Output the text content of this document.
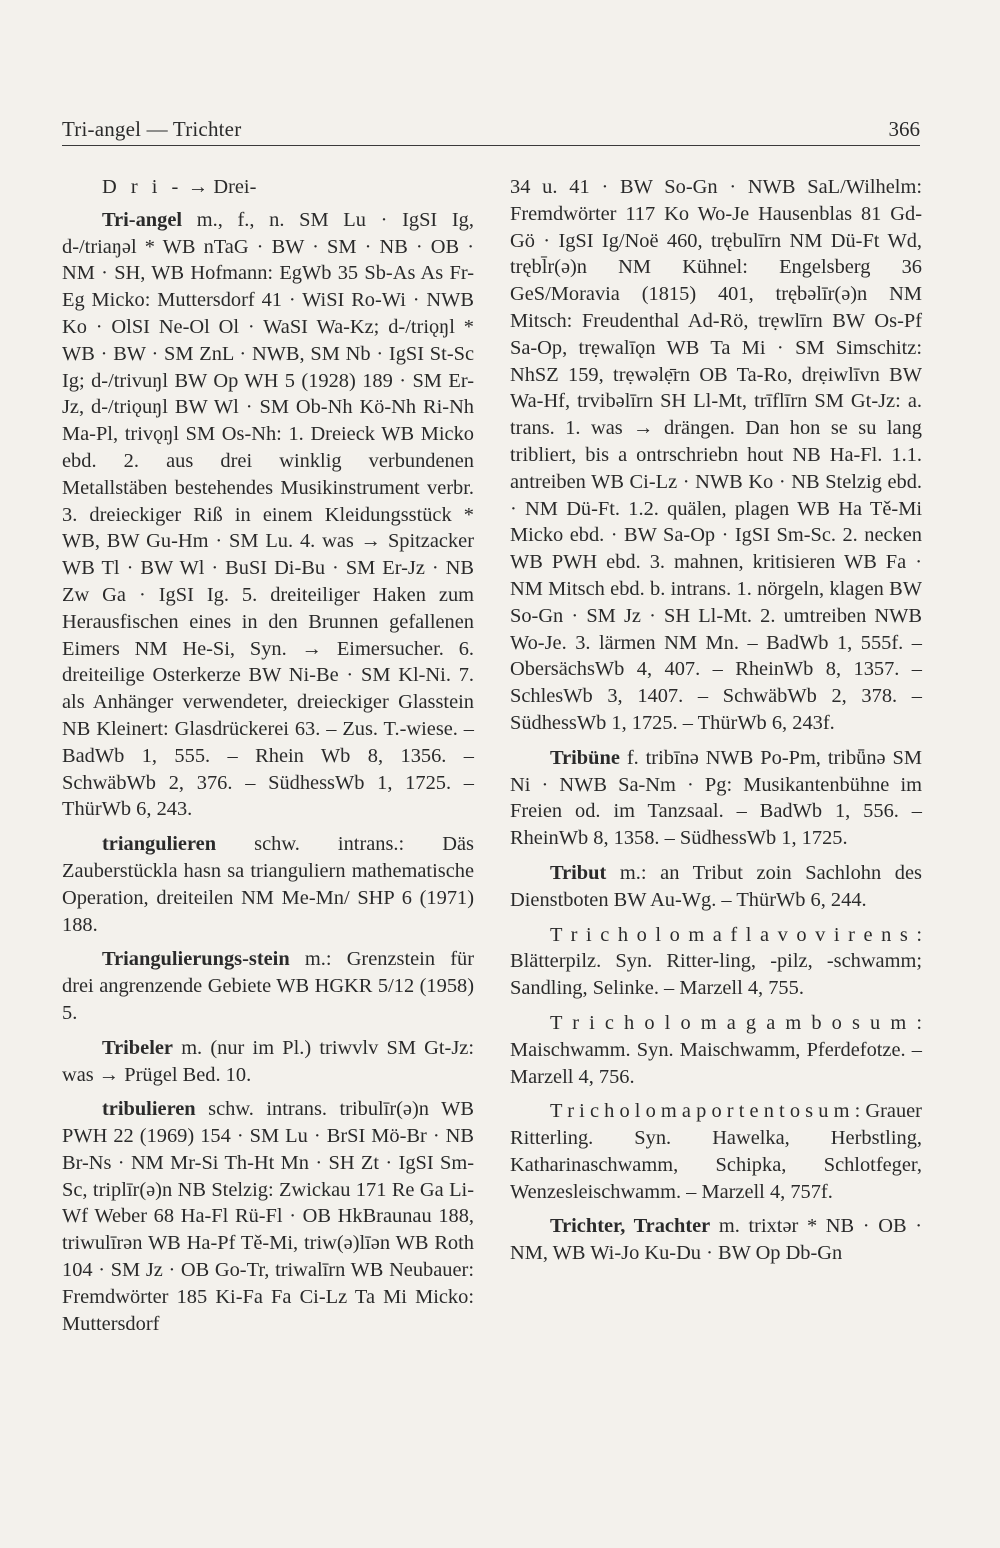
Tri-angel — Trichter	366

D r i - → Drei-

Tri-angel m., f., n. SM Lu · IgSI Ig, d-/triaŋəl * WB nTaG · BW · SM · NB · OB · NM · SH, WB Hofmann: EgWb 35 Sb-As As Fr-Eg Micko: Muttersdorf 41 · WiSI Ro-Wi · NWB Ko · OlSI Ne-Ol Ol · WaSI Wa-Kz; d-/triǫŋl * WB · BW · SM ZnL · NWB, SM Nb · IgSI St-Sc Ig; d-/trivuŋl BW Op WH 5 (1928) 189 · SM Er-Jz, d-/triǫuŋl BW Wl · SM Ob-Nh Kö-Nh Ri-Nh Ma-Pl, trivǫŋl SM Os-Nh: 1. Dreieck WB Micko ebd. 2. aus drei winklig verbundenen Metallstäben bestehendes Musikinstrument verbr. 3. dreieckiger Riß in einem Kleidungsstück * WB, BW Gu-Hm · SM Lu. 4. was → Spitzacker WB Tl · BW Wl · BuSI Di-Bu · SM Er-Jz · NB Zw Ga · IgSI Ig. 5. dreiteiliger Haken zum Herausfischen eines in den Brunnen gefallenen Eimers NM He-Si, Syn. → Eimersucher. 6. dreiteilige Osterkerze BW Ni-Be · SM Kl-Ni. 7. als Anhänger verwendeter, dreieckiger Glasstein NB Kleinert: Glasdrückerei 63. – Zus. T.-wiese. – BadWb 1, 555. – Rhein Wb 8, 1356. – SchwäbWb 2, 376. – SüdhessWb 1, 1725. – ThürWb 6, 243.

triangulieren schw. intrans.: Däs Zauberstückla hasn sa trianguliern mathematische Operation, dreiteilen NM Me-Mn/ SHP 6 (1971) 188.

Triangulierungs-stein m.: Grenzstein für drei angrenzende Gebiete WB HGKR 5/12 (1958) 5.

Tribeler m. (nur im Pl.) triwvlv SM Gt-Jz: was → Prügel Bed. 10.

tribulieren schw. intrans. tribulīr(ə)n WB PWH 22 (1969) 154 · SM Lu · BrSI Mö-Br · NB Br-Ns · NM Mr-Si Th-Ht Mn · SH Zt · IgSI Sm-Sc, triplīr(ə)n NB Stelzig: Zwickau 171 Re Ga Li-Wf Weber 68 Ha-Fl Rü-Fl · OB HkBraunau 188, triwulīrən WB Ha-Pf Tě-Mi, triw(ə)līən WB Roth 104 · SM Jz · OB Go-Tr, triwalīrn WB Neubauer: Fremdwörter 185 Ki-Fa Fa Ci-Lz Ta Mi Micko: Muttersdorf

34 u. 41 · BW So-Gn · NWB SaL/Wilhelm: Fremdwörter 117 Ko Wo-Je Hausenblas 81 Gd-Gö · IgSI Ig/Noë 460, trębulīrn NM Dü-Ft Wd, trębl̄r(ə)n NM Kühnel: Engelsberg 36 GeS/Moravia (1815) 401, trębəlīr(ə)n NM Mitsch: Freudenthal Ad-Rö, trẹwlīrn BW Os-Pf Sa-Op, trẹwalīǫn WB Ta Mi · SM Simschitz: NhSZ 159, trẹwəlẹ̄rn OB Ta-Ro, drẹiwlīvn BW Wa-Hf, trvibəlīrn SH Ll-Mt, trīflīrn SM Gt-Jz: a. trans. 1. was → drängen. Dan hon se su lang tribliert, bis a ontrschriebn hout NB Ha-Fl. 1.1. antreiben WB Ci-Lz · NWB Ko · NB Stelzig ebd. · NM Dü-Ft. 1.2. quälen, plagen WB Ha Tě-Mi Micko ebd. · BW Sa-Op · IgSI Sm-Sc. 2. necken WB PWH ebd. 3. mahnen, kritisieren WB Fa · NM Mitsch ebd. b. intrans. 1. nörgeln, klagen BW So-Gn · SM Jz · SH Ll-Mt. 2. umtreiben NWB Wo-Je. 3. lärmen NM Mn. – BadWb 1, 555f. – ObersächsWb 4, 407. – RheinWb 8, 1357. – SchlesWb 3, 1407. – SchwäbWb 2, 378. – SüdhessWb 1, 1725. – ThürWb 6, 243f.

Tribüne f. tribīnə NWB Po-Pm, tribǖnə SM Ni · NWB Sa-Nm · Pg: Musikantenbühne im Freien od. im Tanzsaal. – BadWb 1, 556. – RheinWb 8, 1358. – SüdhessWb 1, 1725.

Tribut m.: an Tribut zoin Sachlohn des Dienstboten BW Au-Wg. – ThürWb 6, 244.

T r i c h o l o m a f l a v o v i r e n s : Blätterpilz. Syn. Ritter-ling, -pilz, -schwamm; Sandling, Selinke. – Marzell 4, 755.

T r i c h o l o m a g a m b o s u m : Maischwamm. Syn. Maischwamm, Pferdefotze. – Marzell 4, 756.

T r i c h o l o m a p o r t e n t o s u m : Grauer Ritterling. Syn. Hawelka, Herbstling, Katharinaschwamm, Schipka, Schlotfeger, Wenzesleischwamm. – Marzell 4, 757f.

Trichter, Trachter m. trixtər * NB · OB · NM, WB Wi-Jo Ku-Du · BW Op Db-Gn
